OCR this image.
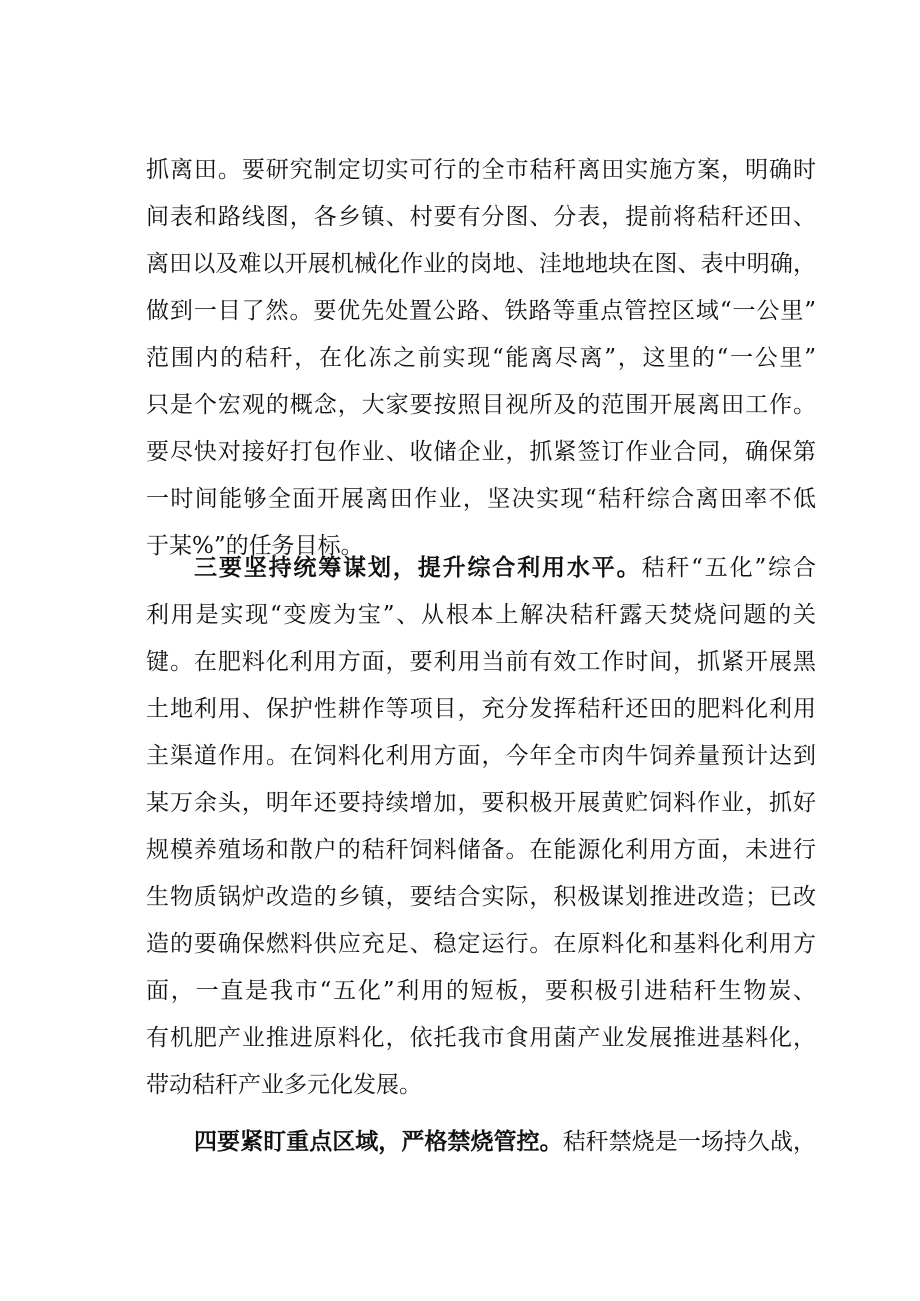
抓离田。要研究制定切实可行的全市秸秆离田实施方案，明确时
间表和路线图，各乡镇、村要有分图、分表，提前将秸秆还田、
离田以及难以开展机械化作业的岗地、洼地地块在图、表中明确，
做到一目了然。要优先处置公路、铁路等重点管控区域“一公里”
范围内的秸秆，在化冻之前实现“能离尽离”，这里的“一公里”
只是个宏观的概念，大家要按照目视所及的范围开展离田工作。
要尽快对接好打包作业、收储企业，抓紧签订作业合同，确保第
一时间能够全面开展离田作业，坚决实现“秸秆综合离田率不低
于某%”的任务目标。
三要坚持统筹谋划，提升综合利用水平。秸秆“五化”综合
利用是实现“变废为宝”、从根本上解决秸秆露天焚烧问题的关
键。在肥料化利用方面，要利用当前有效工作时间，抓紧开展黑
土地利用、保护性耕作等项目，充分发挥秸秆还田的肥料化利用
主渠道作用。在饲料化利用方面，今年全市肉牛饲养量预计达到
某万余头，明年还要持续增加，要积极开展黄贮饲料作业，抓好
规模养殖场和散户的秸秆饲料储备。在能源化利用方面，未进行
生物质锅炉改造的乡镇，要结合实际，积极谋划推进改造；已改
造的要确保燃料供应充足、稳定运行。在原料化和基料化利用方
面，一直是我市“五化”利用的短板，要积极引进秸秆生物炭、
有机肥产业推进原料化，依托我市食用菌产业发展推进基料化，
带动秸秆产业多元化发展。
四要紧盯重点区域，严格禁烧管控。秸秆禁烧是一场持久战，
